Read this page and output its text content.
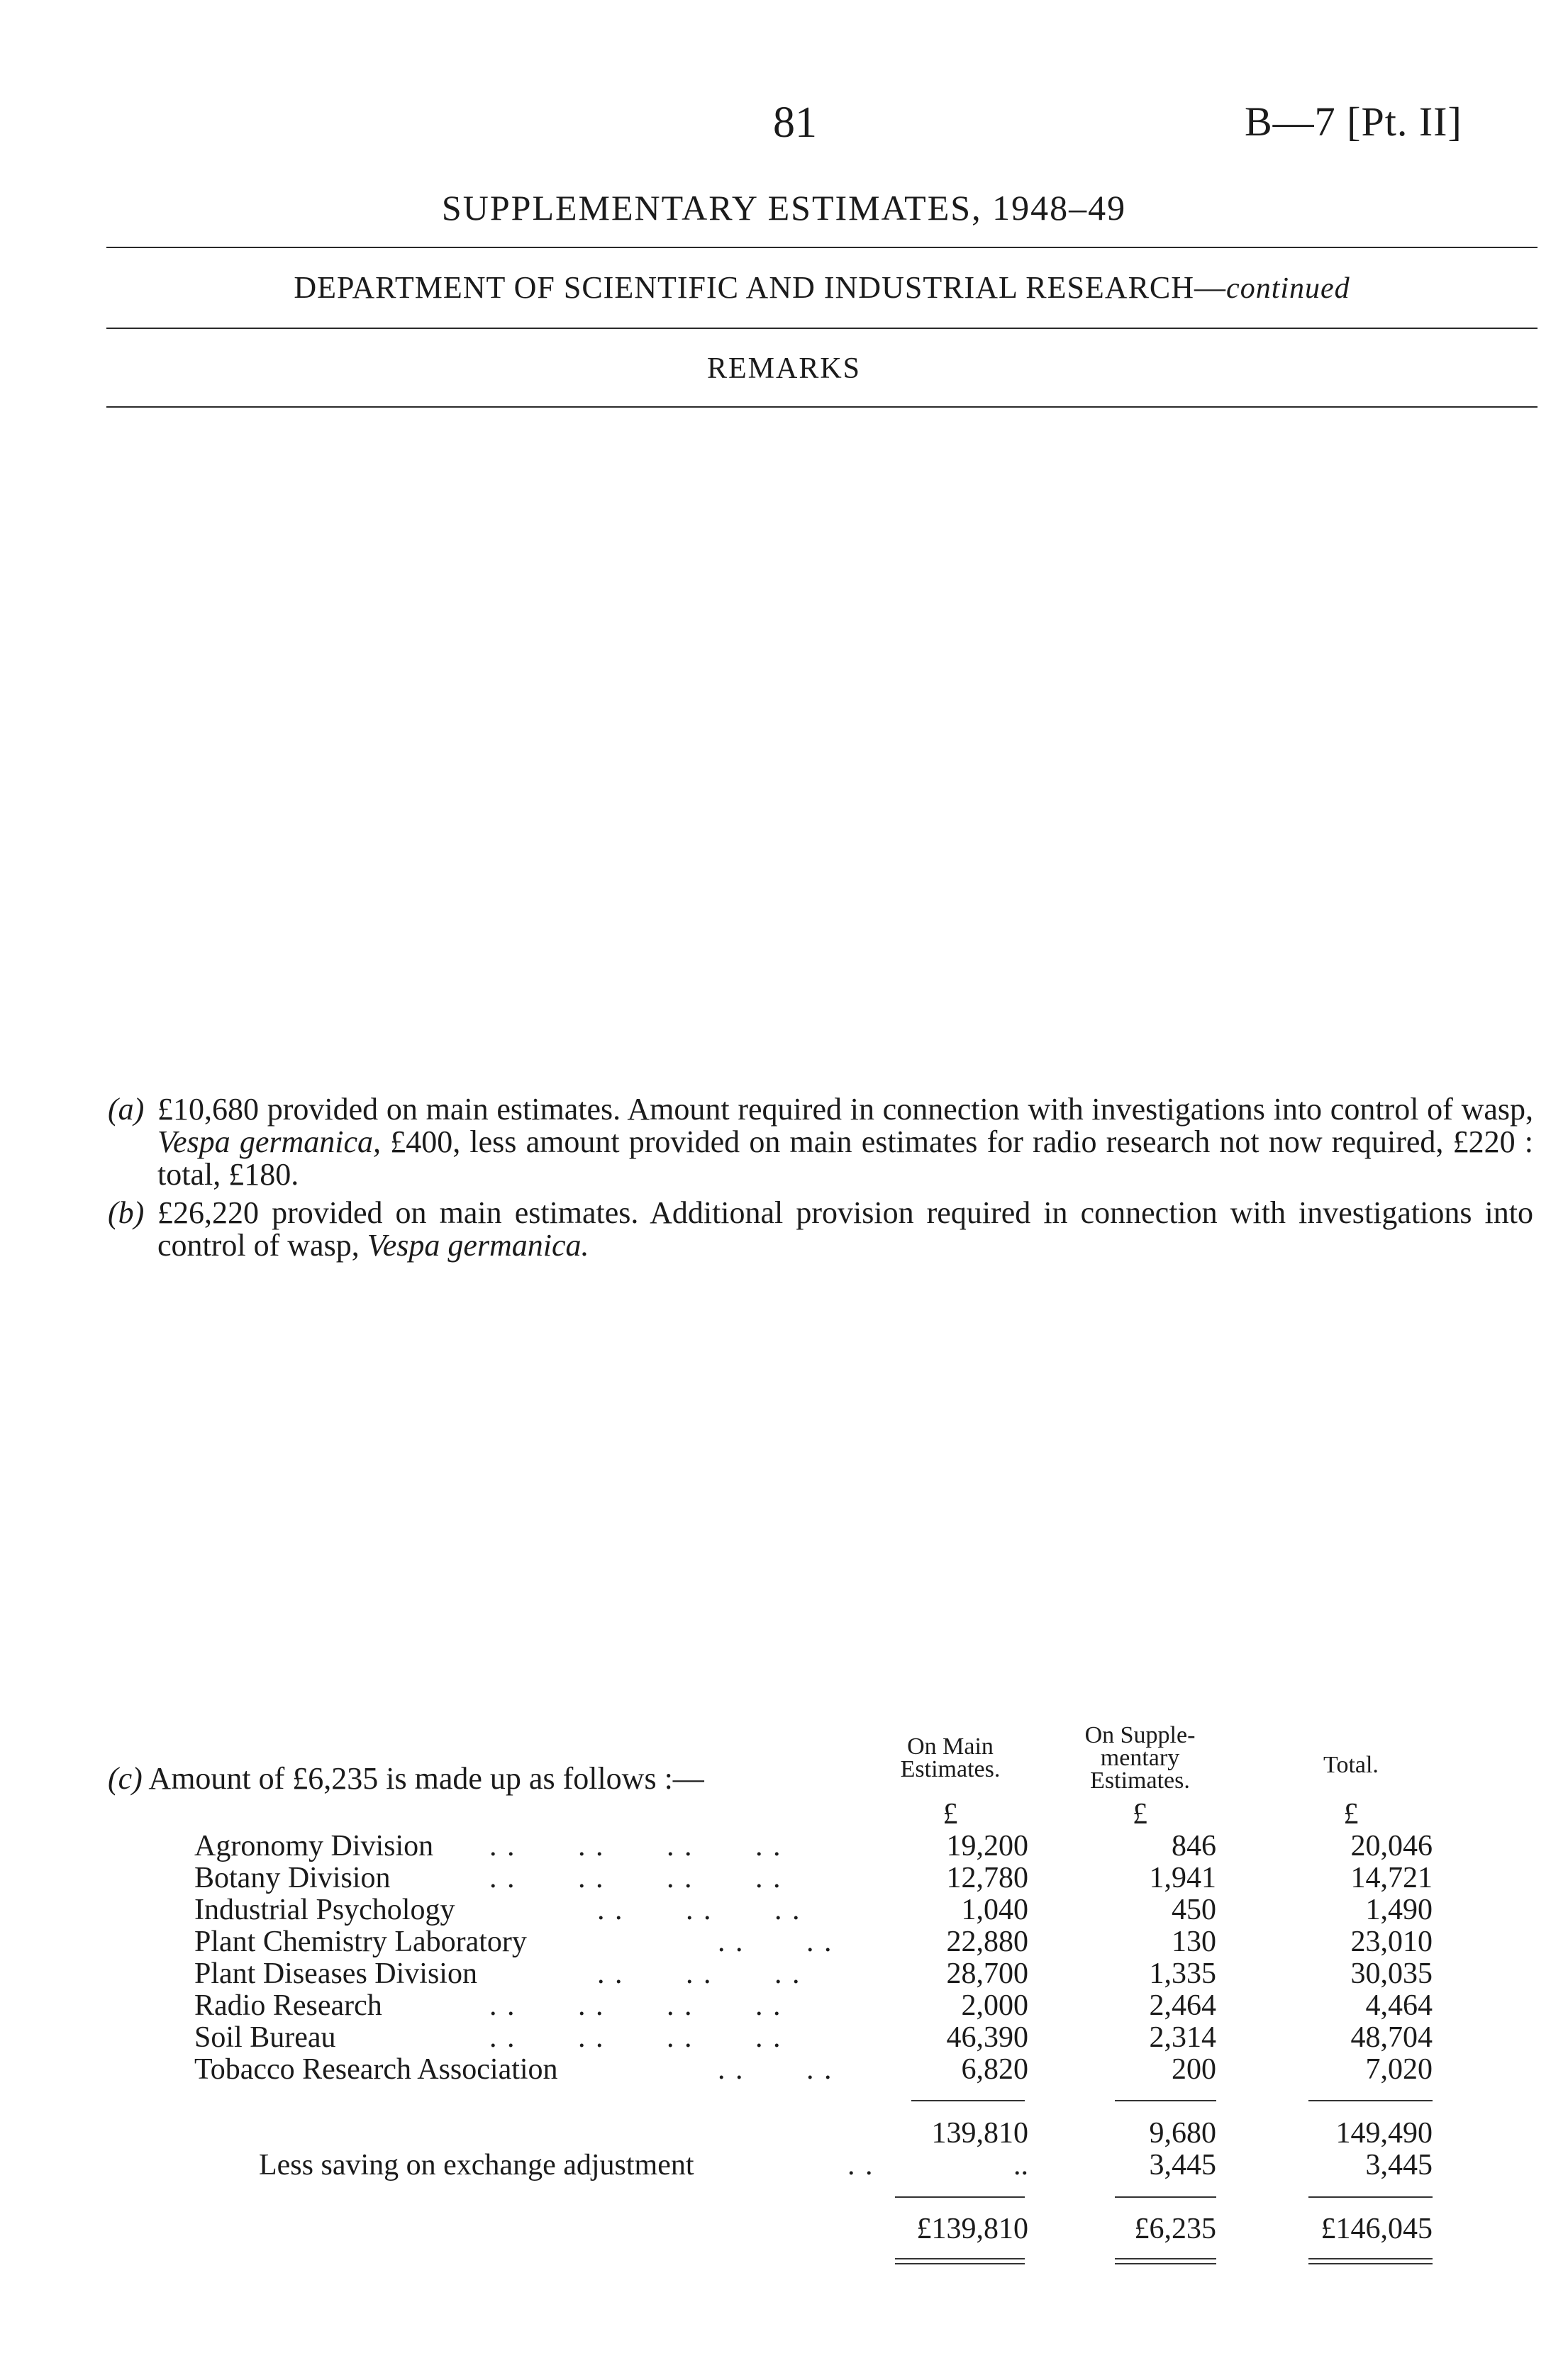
81	B—7 [Pt. II]
SUPPLEMENTARY ESTIMATES, 1948–49
DEPARTMENT OF SCIENTIFIC AND INDUSTRIAL RESEARCH—continued
REMARKS
(a) £10,680 provided on main estimates. Amount required in connection with investigations into control of wasp, Vespa germanica, £400, less amount provided on main estimates for radio research not now required, £220 : total, £180.

(b) £26,220 provided on main estimates. Additional provision required in connection with investigations into control of wasp, Vespa germanica.

(c) Amount of £6,235 is made up as follows :—
On Main
Estimates.
On Supple-
mentary
Estimates.
Total.
£	£	£
Agronomy Division . .       . .       . .       . .	19,200	846	20,046
Botany Division	. .       . .       . .       . .	12,780	1,941	14,721
Industrial Psychology	. .       . .       . .	1,040	450	1,490
Plant Chemistry Laboratory	. .       . .	22,880	130	23,010
Plant Diseases Division	. .       . .       . .	28,700	1,335	30,035
Radio Research	. .       . .       . .       . .	2,000	2,464	4,464
Soil Bureau	. .       . .       . .       . .	46,390	2,314	48,704
Tobacco Research Association	. .       . .	6,820	200	7,020
139,810	9,680	149,490
Less saving on exchange adjustment	. .	..	3,445	3,445
£139,810	£6,235	£146,045
